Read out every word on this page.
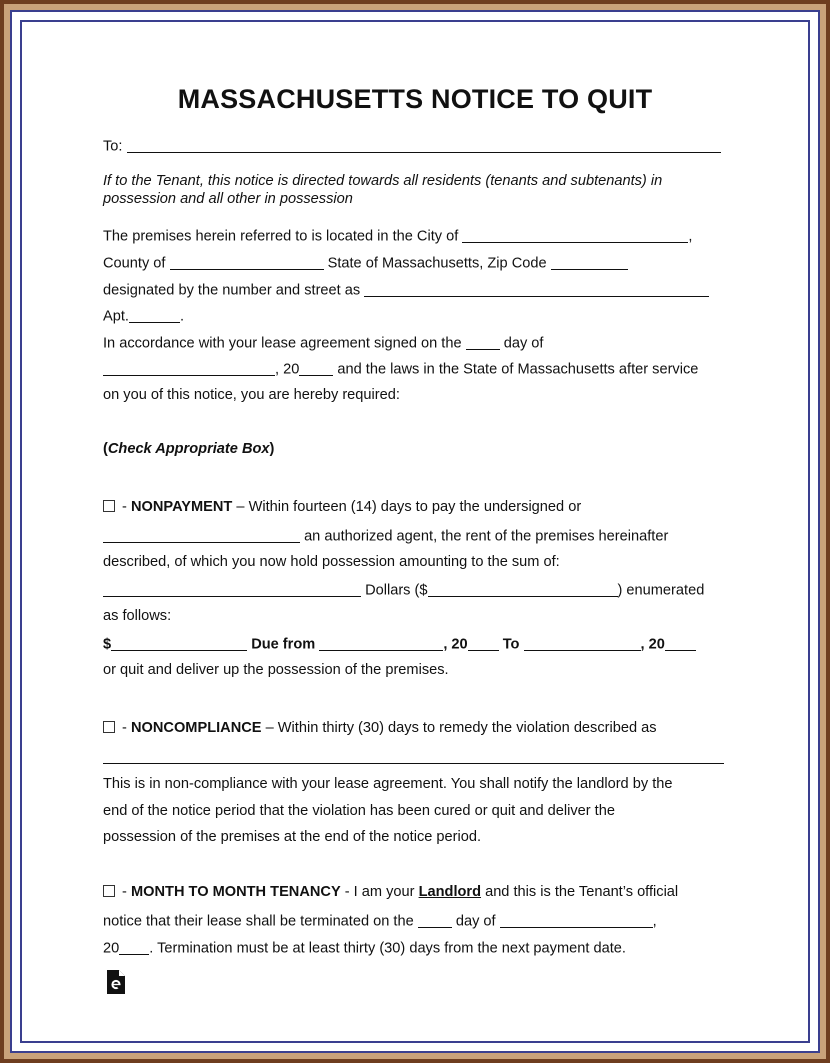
MASSACHUSETTS NOTICE TO QUIT
To:
If to the Tenant, this notice is directed towards all residents (tenants and subtenants) in
possession and all other in possession
The premises herein referred to is located in the City of	,
County of	State of Massachusetts, Zip Code
designated by the number and street as
Apt.	.
In accordance with your lease agreement signed on the	day of
, 20	and the laws in the State of Massachusetts after service
on you of this notice, you are hereby required:
(Check Appropriate Box)
- NONPAYMENT – Within fourteen (14) days to pay the undersigned or
an authorized agent, the rent of the premises hereinafter
described, of which you now hold possession amounting to the sum of:
Dollars ($	) enumerated
as follows:
$	Due from	, 20 To	, 20
or quit and deliver up the possession of the premises.
- NONCOMPLIANCE – Within thirty (30) days to remedy the violation described as
This is in non-compliance with your lease agreement. You shall notify the landlord by the
end of the notice period that the violation has been cured or quit and deliver the
possession of the premises at the end of the notice period.
- MONTH TO MONTH TENANCY - I am your Landlord and this is the Tenant’s official
notice that their lease shall be terminated on the	day of	,
20 . Termination must be at least thirty (30) days from the next payment date.
